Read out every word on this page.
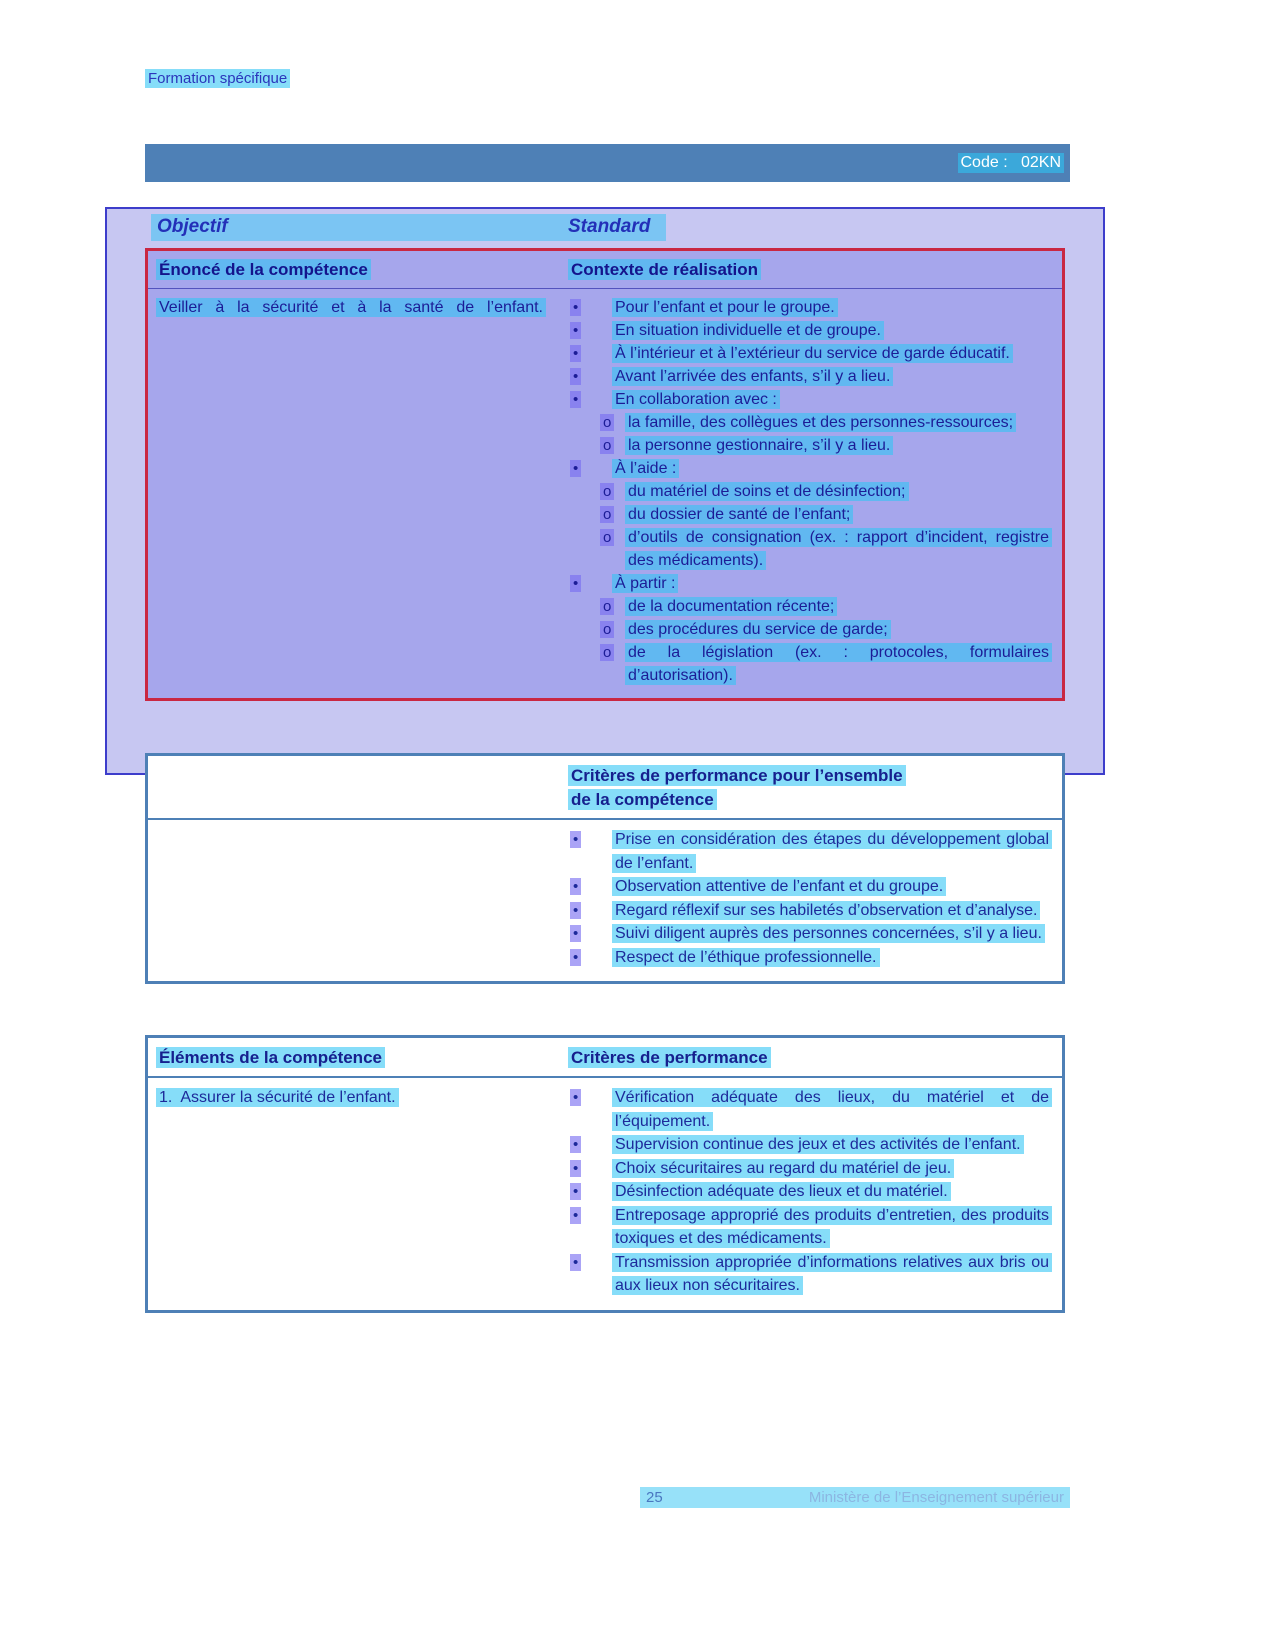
Formation spécifique
Code :   02KN
Objectif	Standard
Énoncé de la compétence	Contexte de réalisation
Veiller à la sécurité et à la santé de l’enfant.	•	Pour l’enfant et pour le groupe.
•	En situation individuelle et de groupe.
•	À l’intérieur et à l’extérieur du service de garde éducatif.
•	Avant l’arrivée des enfants, s’il y a lieu.
•	En collaboration avec :
o	la famille, des collègues et des personnes-ressources;
o	la personne gestionnaire, s’il y a lieu.
•	À l’aide :
o	du matériel de soins et de désinfection;
o	du dossier de santé de l’enfant;
o	d’outils de consignation (ex. : rapport d’incident, registre des médicaments).
•	À partir :
o	de la documentation récente;
o	des procédures du service de garde;
o	de la législation (ex. : protocoles, formulaires d’autorisation).
Critères de performance pour l’ensemble
de la compétence
•	Prise en considération des étapes du développement global de l’enfant.
•	Observation attentive de l’enfant et du groupe.
•	Regard réflexif sur ses habiletés d’observation et d’analyse.
•	Suivi diligent auprès des personnes concernées, s’il y a lieu.
•	Respect de l’éthique professionnelle.
Éléments de la compétence	Critères de performance
1.  Assurer la sécurité de l’enfant.	•	Vérification adéquate des lieux, du matériel et de l’équipement.
•	Supervision continue des jeux et des activités de l’enfant.
•	Choix sécuritaires au regard du matériel de jeu.
•	Désinfection adéquate des lieux et du matériel.
•	Entreposage approprié des produits d’entretien, des produits toxiques et des médicaments.
•	Transmission appropriée d’informations relatives aux bris ou aux lieux non sécuritaires.
25	Ministère de l’Enseignement supérieur
